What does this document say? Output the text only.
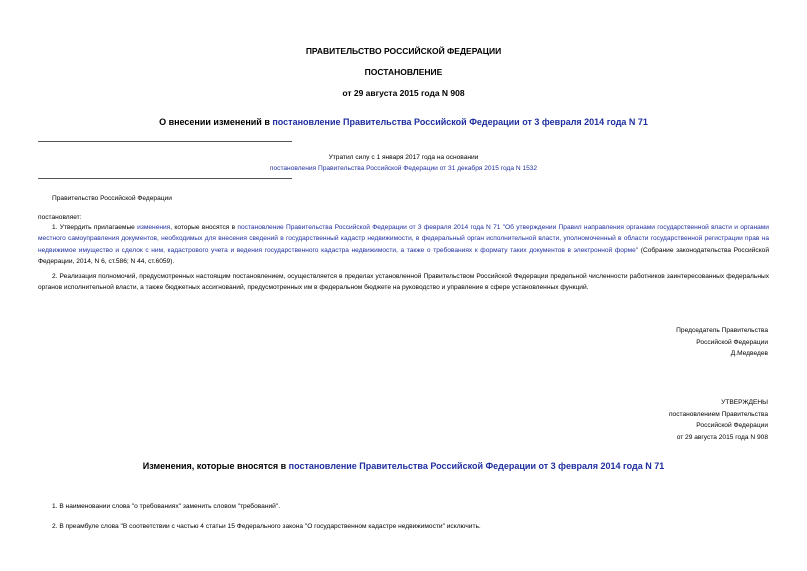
ПРАВИТЕЛЬСТВО РОССИЙСКОЙ ФЕДЕРАЦИИ
ПОСТАНОВЛЕНИЕ
от 29 августа 2015 года N 908
О внесении изменений в постановление Правительства Российской Федерации от 3 февраля 2014 года N 71
Утратил силу с 1 января 2017 года на основании
постановления Правительства Российской Федерации от 31 декабря 2015 года N 1532
Правительство Российской Федерации
постановляет:
1. Утвердить прилагаемые изменения, которые вносятся в постановление Правительства Российской Федерации от 3 февраля 2014 года N 71 "Об утверждении Правил направления органами государственной власти и органами местного самоуправления документов, необходимых для внесения сведений в государственный кадастр недвижимости, в федеральный орган исполнительной власти, уполномоченный в области государственной регистрации прав на недвижимое имущество и сделок с ним, кадастрового учета и ведения государственного кадастра недвижимости, а также о требованиях к формату таких документов в электронной форме" (Собрание законодательства Российской Федерации, 2014, N 6, ст.586; N 44, ст.6059).
2. Реализация полномочий, предусмотренных настоящим постановлением, осуществляется в пределах установленной Правительством Российской Федерации предельной численности работников заинтересованных федеральных органов исполнительной власти, а также бюджетных ассигнований, предусмотренных им в федеральном бюджете на руководство и управление в сфере установленных функций.
Председатель Правительства
Российской Федерации
Д.Медведев
УТВЕРЖДЕНЫ
постановлением Правительства
Российской Федерации
от 29 августа 2015 года N 908
Изменения, которые вносятся в постановление Правительства Российской Федерации от 3 февраля 2014 года N 71
1. В наименовании слова "о требованиях" заменить словом "требований".
2. В преамбуле слова "В соответствии с частью 4 статьи 15 Федерального закона "О государственном кадастре недвижимости" исключить.
